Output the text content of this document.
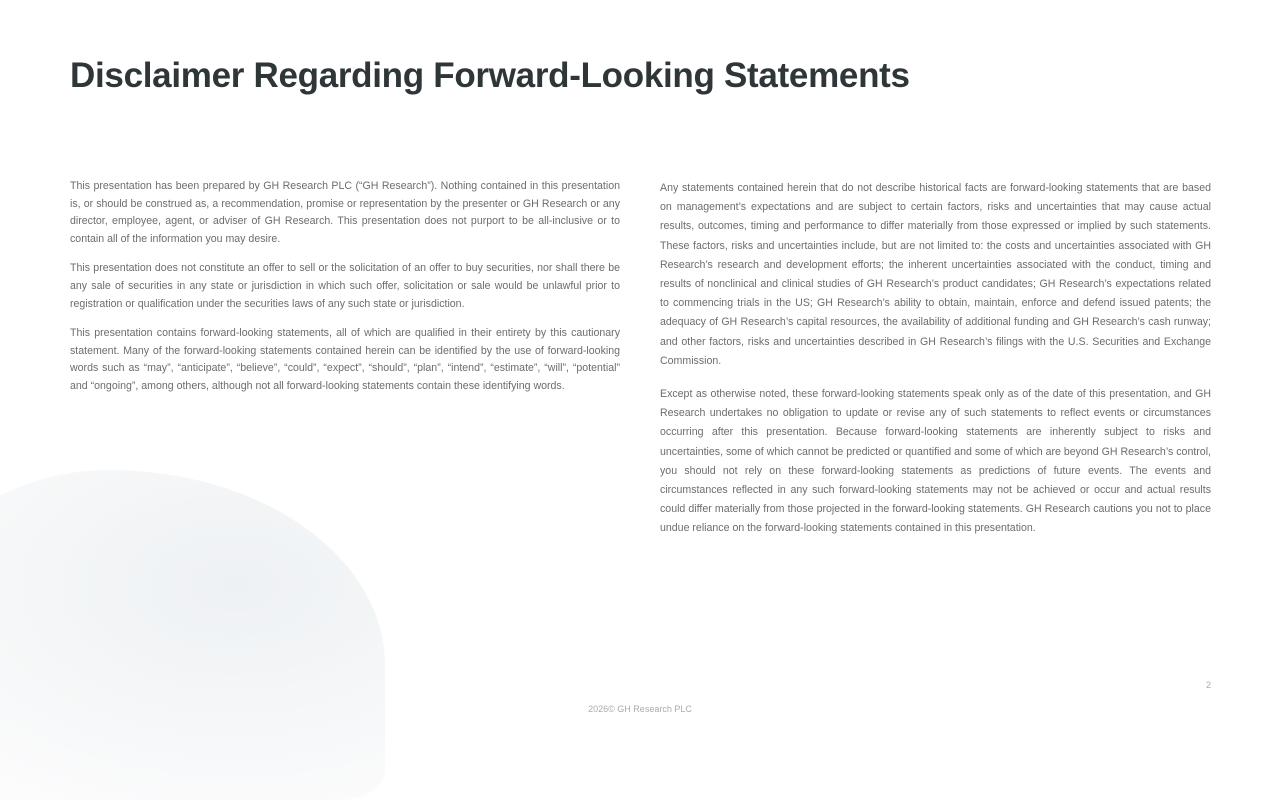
Disclaimer Regarding Forward-Looking Statements

This presentation has been prepared by GH Research PLC (“GH Research”). Nothing contained in this presentation is, or should be construed as, a recommendation, promise or representation by the presenter or GH Research or any director, employee, agent, or adviser of GH Research. This presentation does not purport to be all-inclusive or to contain all of the information you may desire.

This presentation does not constitute an offer to sell or the solicitation of an offer to buy securities, nor shall there be any sale of securities in any state or jurisdiction in which such offer, solicitation or sale would be unlawful prior to registration or qualification under the securities laws of any such state or jurisdiction.

This presentation contains forward-looking statements, all of which are qualified in their entirety by this cautionary statement. Many of the forward-looking statements contained herein can be identified by the use of forward-looking words such as “may”, “anticipate”, “believe”, “could”, “expect”, “should”, “plan”, “intend”, “estimate”, “will”, “potential” and “ongoing”, among others, although not all forward-looking statements contain these identifying words.

Any statements contained herein that do not describe historical facts are forward-looking statements that are based on management’s expectations and are subject to certain factors, risks and uncertainties that may cause actual results, outcomes, timing and performance to differ materially from those expressed or implied by such statements. These factors, risks and uncertainties include, but are not limited to: the costs and uncertainties associated with GH Research’s research and development efforts; the inherent uncertainties associated with the conduct, timing and results of nonclinical and clinical studies of GH Research’s product candidates; GH Research’s expectations related to commencing trials in the US; GH Research’s ability to obtain, maintain, enforce and defend issued patents; the adequacy of GH Research’s capital resources, the availability of additional funding and GH Research’s cash runway; and other factors, risks and uncertainties described in GH Research’s filings with the U.S. Securities and Exchange Commission.

Except as otherwise noted, these forward-looking statements speak only as of the date of this presentation, and GH Research undertakes no obligation to update or revise any of such statements to reflect events or circumstances occurring after this presentation. Because forward-looking statements are inherently subject to risks and uncertainties, some of which cannot be predicted or quantified and some of which are beyond GH Research’s control, you should not rely on these forward-looking statements as predictions of future events. The events and circumstances reflected in any such forward-looking statements may not be achieved or occur and actual results could differ materially from those projected in the forward-looking statements. GH Research cautions you not to place undue reliance on the forward-looking statements contained in this presentation.

2
2026© GH Research PLC
